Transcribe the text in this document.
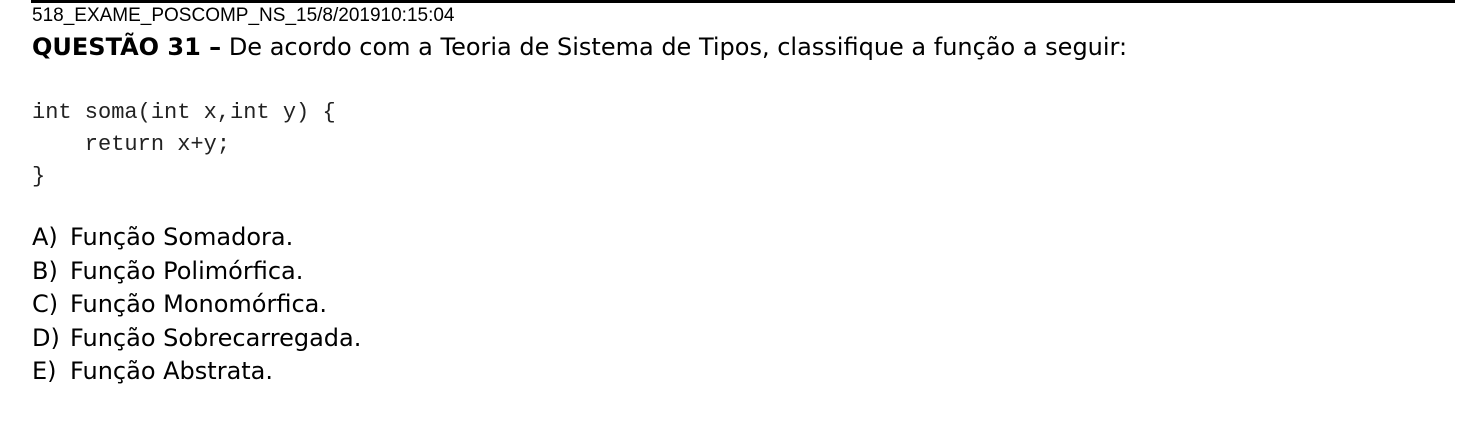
518_EXAME_POSCOMP_NS_15/8/201910:15:04
QUESTÃO 31 – De acordo com a Teoria de Sistema de Tipos, classifique a função a seguir:
int soma(int x,int y) {
return x+y;
}
A) Função Somadora.
B) Função Polimórfica.
C) Função Monomórfica.
D) Função Sobrecarregada.
E) Função Abstrata.
